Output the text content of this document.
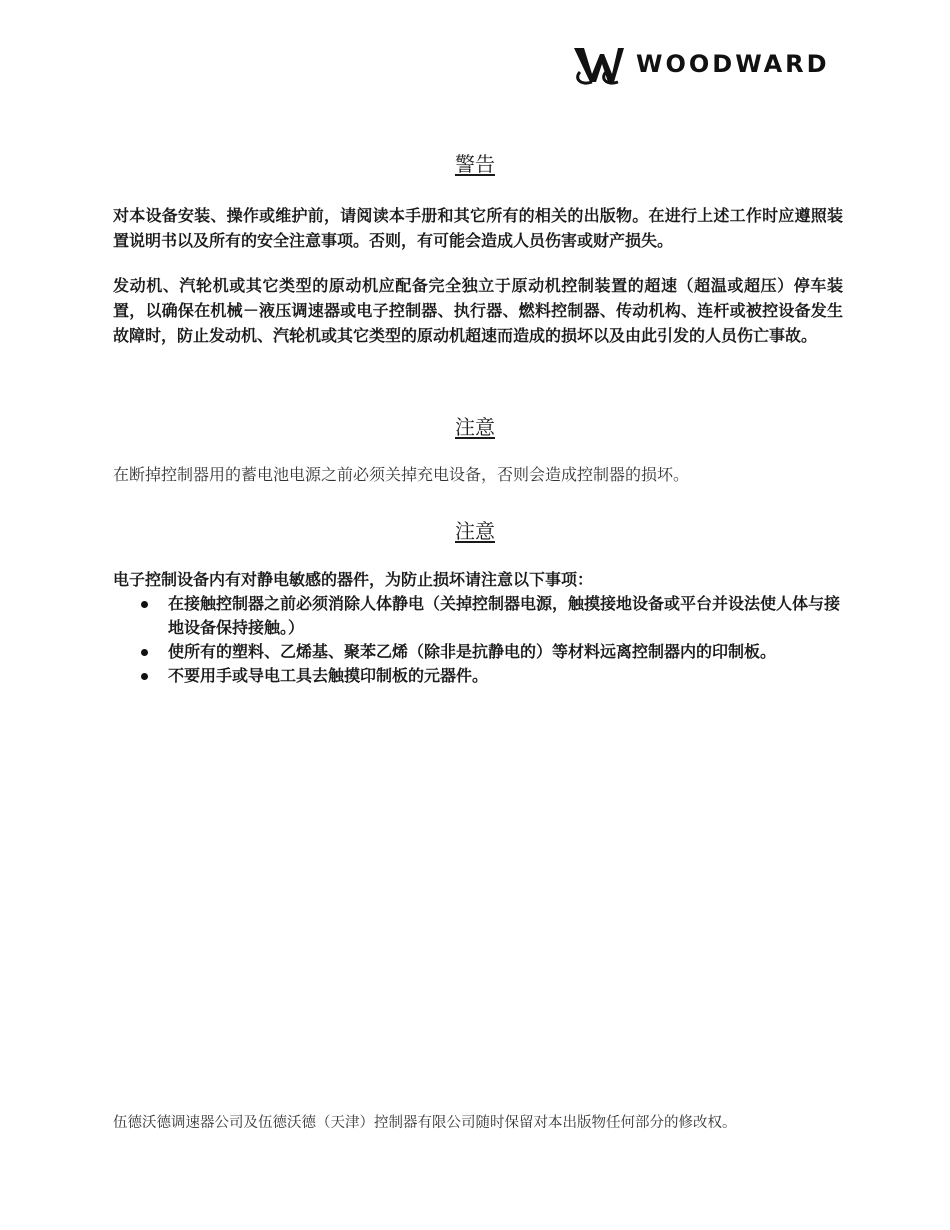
WOODWARD
警告

对本设备安装、操作或维护前，请阅读本手册和其它所有的相关的出版物。在进行上述工作时应遵照装置说明书以及所有的安全注意事项。否则，有可能会造成人员伤害或财产损失。

发动机、汽轮机或其它类型的原动机应配备完全独立于原动机控制装置的超速（超温或超压）停车装置，以确保在机械－液压调速器或电子控制器、执行器、燃料控制器、传动机构、连杆或被控设备发生故障时，防止发动机、汽轮机或其它类型的原动机超速而造成的损坏以及由此引发的人员伤亡事故。

注意

在断掉控制器用的蓄电池电源之前必须关掉充电设备，否则会造成控制器的损坏。

注意

电子控制设备内有对静电敏感的器件，为防止损坏请注意以下事项：

在接触控制器之前必须消除人体静电（关掉控制器电源，触摸接地设备或平台并设法使人体与接地设备保持接触。）
使所有的塑料、乙烯基、聚苯乙烯（除非是抗静电的）等材料远离控制器内的印制板。
不要用手或导电工具去触摸印制板的元器件。

伍德沃德调速器公司及伍德沃德（天津）控制器有限公司随时保留对本出版物任何部分的修改权。
